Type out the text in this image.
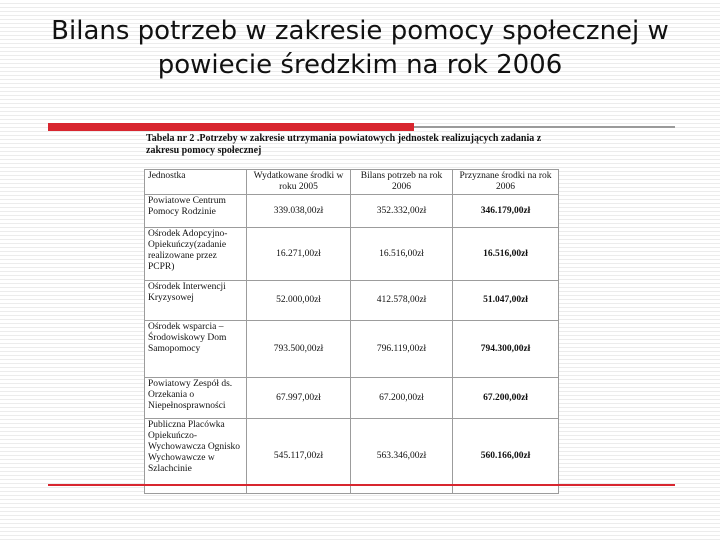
Bilans potrzeb w zakresie pomocy społecznej w powiecie średzkim na rok 2006
Tabela nr 2 .Potrzeby w zakresie utrzymania powiatowych jednostek realizujących zadania z zakresu pomocy społecznej
Jednostka	Wydatkowane środki w roku 2005	Bilans potrzeb na rok 2006	Przyznane środki na rok 2006
Powiatowe Centrum Pomocy Rodzinie	339.038,00zł	352.332,00zł	346.179,00zł
Ośrodek Adopcyjno-Opiekuńczy(zadanie realizowane przez PCPR)	16.271,00zł	16.516,00zł	16.516,00zł
Ośrodek Interwencji Kryzysowej	52.000,00zł	412.578,00zł	51.047,00zł
Ośrodek wsparcia – Środowiskowy Dom Samopomocy	793.500,00zł	796.119,00zł	794.300,00zł
Powiatowy Zespół ds. Orzekania o Niepełnosprawności	67.997,00zł	67.200,00zł	67.200,00zł
Publiczna Placówka Opiekuńczo-Wychowawcza Ognisko Wychowawcze w Szlachcinie	545.117,00zł	563.346,00zł	560.166,00zł
